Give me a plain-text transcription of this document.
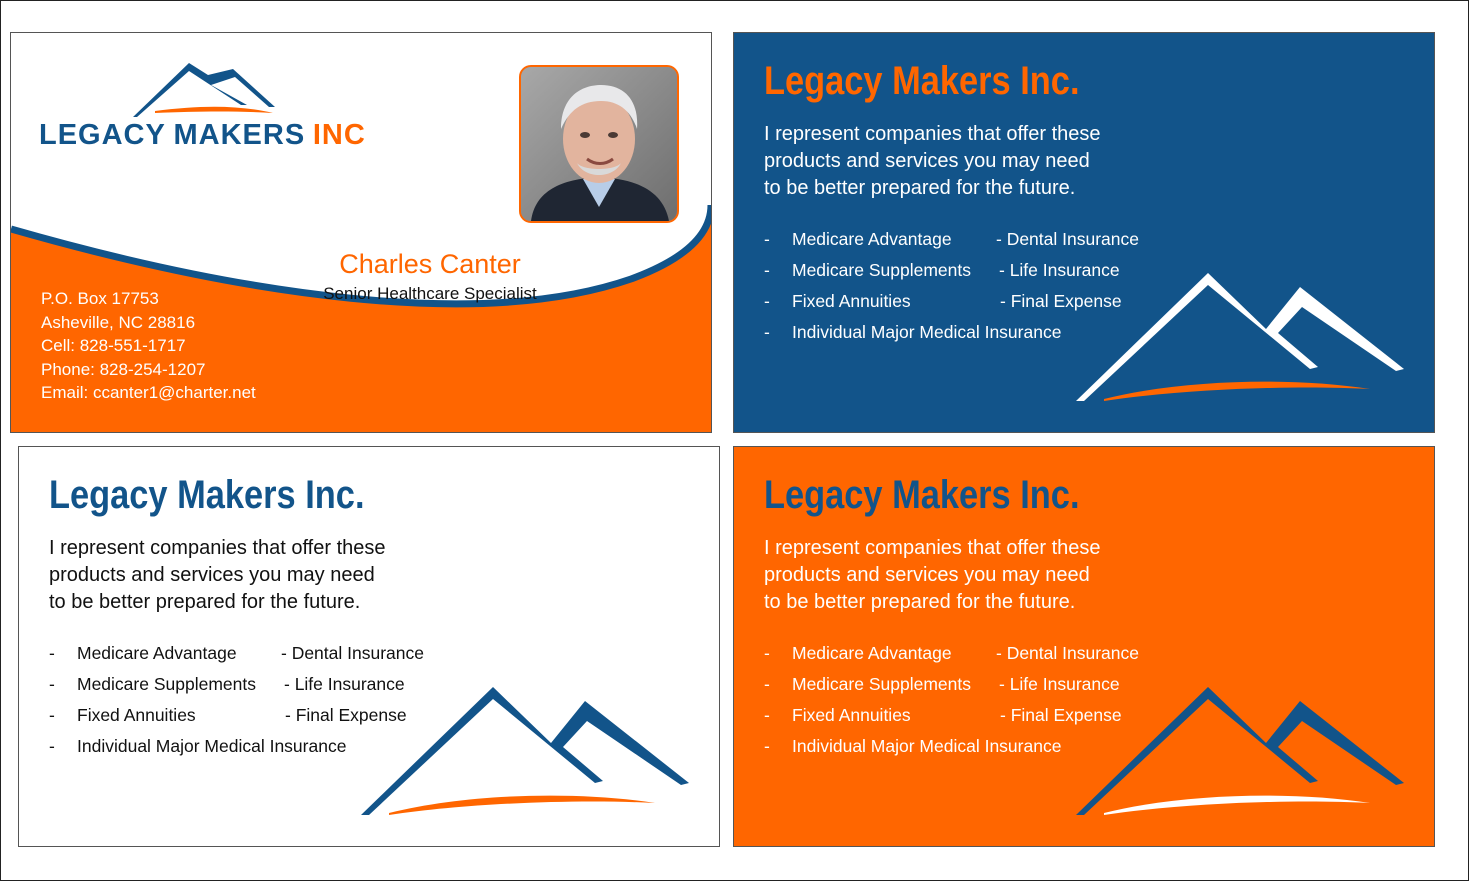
LEGACY MAKERS INC
Charles Canter
Senior Healthcare Specialist
P.O. Box 17753
Asheville, NC 28816
Cell: 828-551-1717
Phone: 828-254-1207
Email: ccanter1@charter.net
Legacy Makers Inc.
I represent companies that offer these
products and services you may need
to be better prepared for the future.
- Medicare Advantage	- Dental Insurance
- Medicare Supplements - Life Insurance
- Fixed Annuities	- Final Expense
- Individual Major Medical Insurance
Legacy Makers Inc.
I represent companies that offer these
products and services you may need
to be better prepared for the future.
- Medicare Advantage	- Dental Insurance
- Medicare Supplements - Life Insurance
- Fixed Annuities	- Final Expense
- Individual Major Medical Insurance
Legacy Makers Inc.
I represent companies that offer these
products and services you may need
to be better prepared for the future.
- Medicare Advantage	- Dental Insurance
- Medicare Supplements - Life Insurance
- Fixed Annuities	- Final Expense
- Individual Major Medical Insurance
